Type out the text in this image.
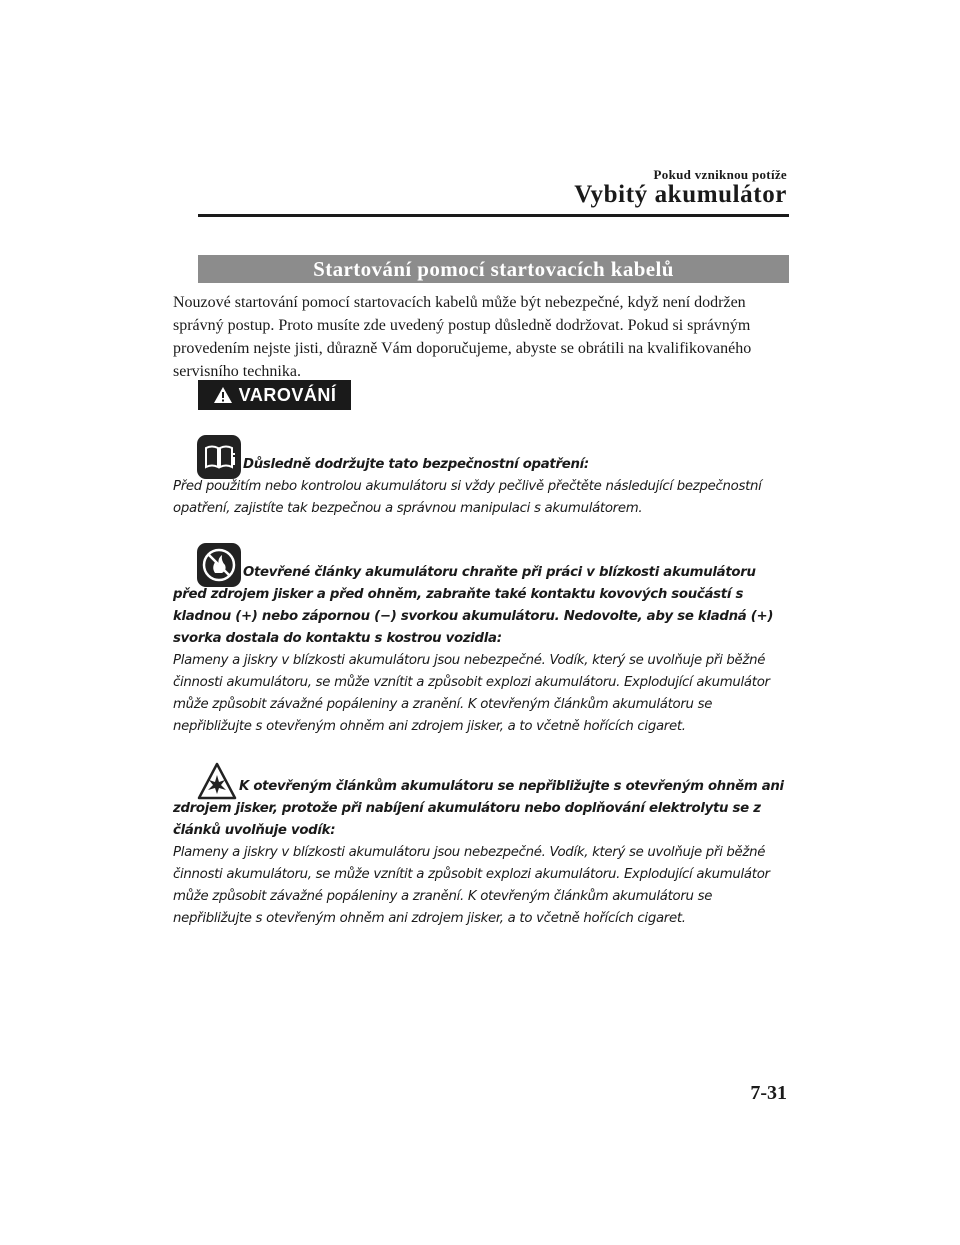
Pokud vzniknou potíže
Vybitý akumulátor
Startování pomocí startovacích kabelů

Nouzové startování pomocí startovacích kabelů může být nebezpečné, když není dodržen správný postup. Proto musíte zde uvedený postup důsledně dodržovat. Pokud si správným provedením nejste jisti, důrazně Vám doporučujeme, abyste se obrátili na kvalifikovaného servisního technika.

VAROVÁNÍ

Důsledně dodržujte tato bezpečnostní opatření:

Před použitím nebo kontrolou akumulátoru si vždy pečlivě přečtěte následující bezpečnostní opatření, zajistíte tak bezpečnou a správnou manipulaci s akumulátorem.

Otevřené články akumulátoru chraňte při práci v blízkosti akumulátoru před zdrojem jisker a před ohněm, zabraňte také kontaktu kovových součástí s kladnou (+) nebo zápornou (−) svorkou akumulátoru. Nedovolte, aby se kladná (+) svorka dostala do kontaktu s kostrou vozidla:

Plameny a jiskry v blízkosti akumulátoru jsou nebezpečné. Vodík, který se uvolňuje při běžné činnosti akumulátoru, se může vznítit a způsobit explozi akumulátoru. Explodující akumulátor může způsobit závažné popáleniny a zranění. K otevřeným článkům akumulátoru se nepřibližujte s otevřeným ohněm ani zdrojem jisker, a to včetně hořících cigaret.

K otevřeným článkům akumulátoru se nepřibližujte s otevřeným ohněm ani zdrojem jisker, protože při nabíjení akumulátoru nebo doplňování elektrolytu se z článků uvolňuje vodík:

Plameny a jiskry v blízkosti akumulátoru jsou nebezpečné. Vodík, který se uvolňuje při běžné činnosti akumulátoru, se může vznítit a způsobit explozi akumulátoru. Explodující akumulátor může způsobit závažné popáleniny a zranění. K otevřeným článkům akumulátoru se nepřibližujte s otevřeným ohněm ani zdrojem jisker, a to včetně hořících cigaret.

7-31
